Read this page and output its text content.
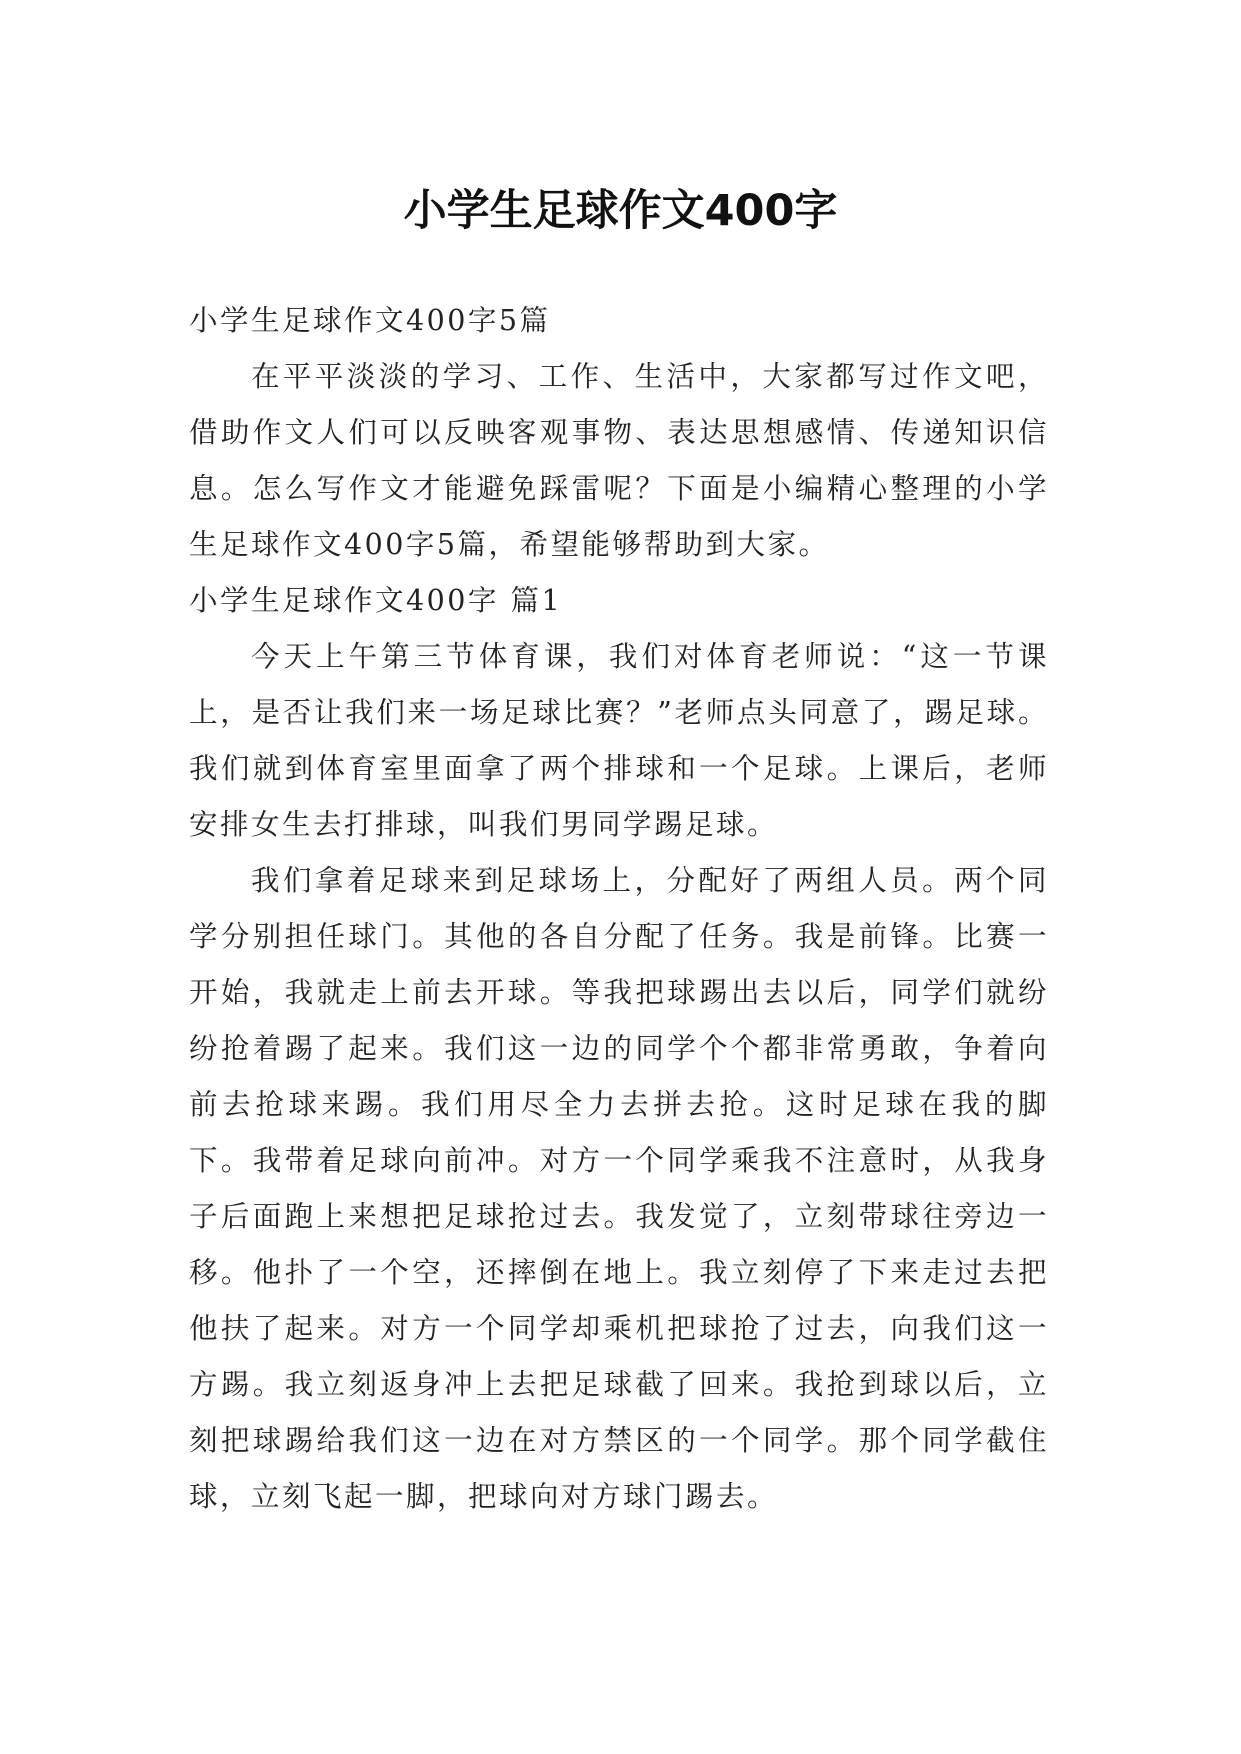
小学生足球作文400字

小学生足球作文400字5篇

在平平淡淡的学习、工作、生活中，大家都写过作文吧，借助作文人们可以反映客观事物、表达思想感情、传递知识信息。怎么写作文才能避免踩雷呢？下面是小编精心整理的小学生足球作文400字5篇，希望能够帮助到大家。

小学生足球作文400字 篇1

今天上午第三节体育课，我们对体育老师说：“这一节课上，是否让我们来一场足球比赛？”老师点头同意了，踢足球。我们就到体育室里面拿了两个排球和一个足球。上课后，老师安排女生去打排球，叫我们男同学踢足球。

我们拿着足球来到足球场上，分配好了两组人员。两个同学分别担任球门。其他的各自分配了任务。我是前锋。比赛一开始，我就走上前去开球。等我把球踢出去以后，同学们就纷纷抢着踢了起来。我们这一边的同学个个都非常勇敢，争着向前去抢球来踢。我们用尽全力去拼去抢。这时足球在我的脚下。我带着足球向前冲。对方一个同学乘我不注意时，从我身子后面跑上来想把足球抢过去。我发觉了，立刻带球往旁边一移。他扑了一个空，还摔倒在地上。我立刻停了下来走过去把他扶了起来。对方一个同学却乘机把球抢了过去，向我们这一方踢。我立刻返身冲上去把足球截了回来。我抢到球以后，立刻把球踢给我们这一边在对方禁区的一个同学。那个同学截住球，立刻飞起一脚，把球向对方球门踢去。
